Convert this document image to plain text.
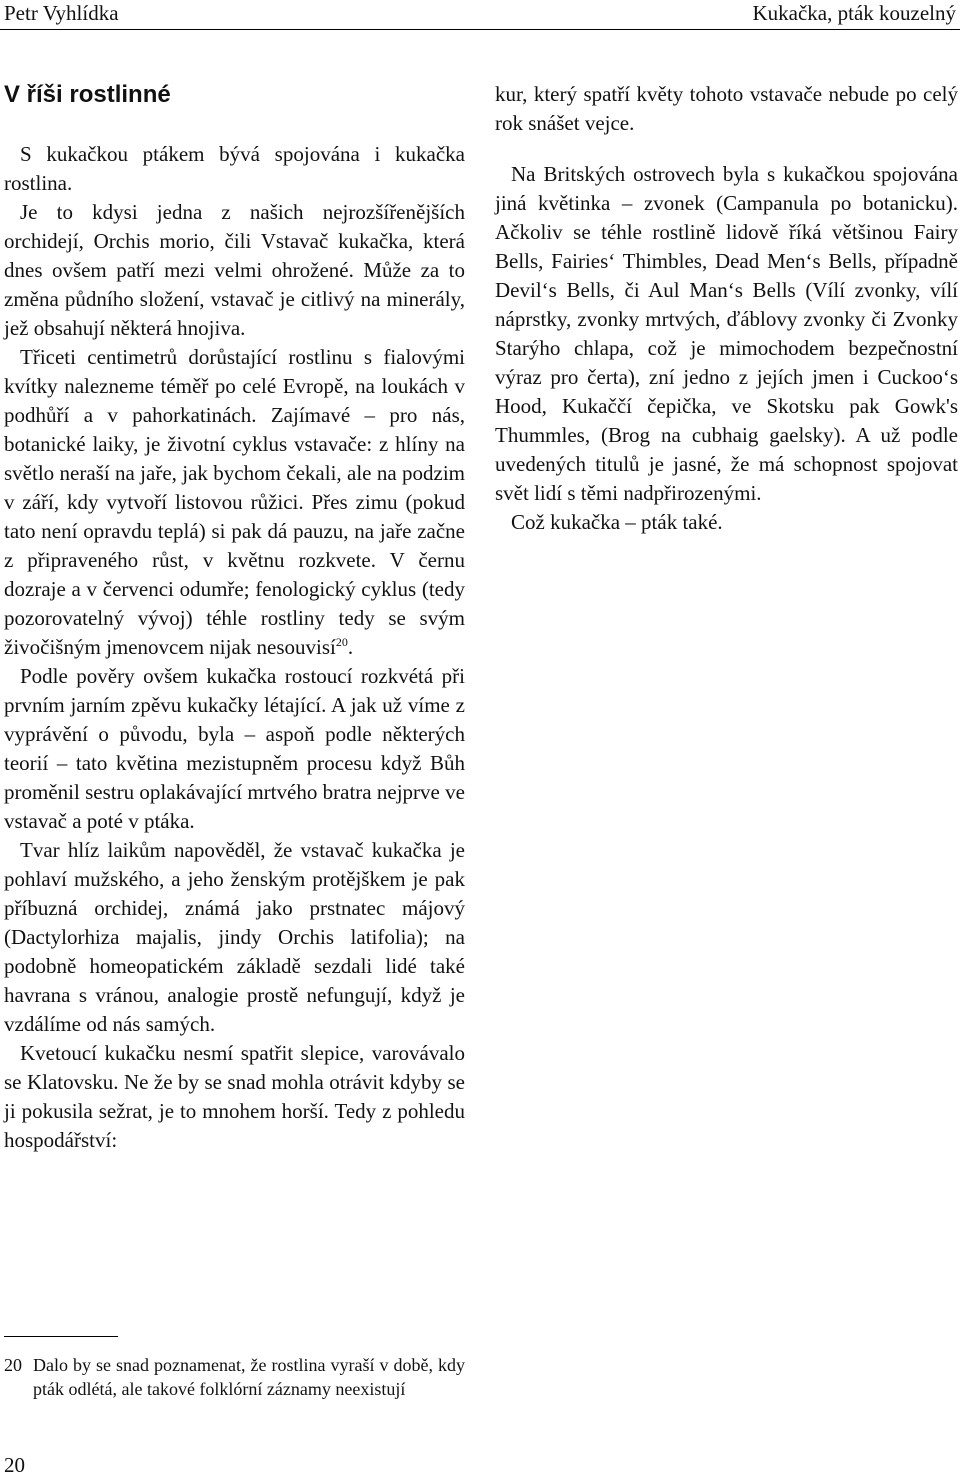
Petr Vyhlídka	Kukačka, pták kouzelný
V říši rostlinné

S kukačkou ptákem bývá spojována i kukačka rostlina.

Je to kdysi jedna z našich nejrozšířenějších orchidejí, Orchis morio, čili Vstavač kukačka, která dnes ovšem patří mezi velmi ohrožené. Může za to změna půdního složení, vstavač je citlivý na minerály, jež obsahují některá hnojiva.

Třiceti centimetrů dorůstající rostlinu s fialovými kvítky nalezneme téměř po celé Evropě, na loukách v podhůří a v pahorkatinách. Zajímavé – pro nás, botanické laiky, je životní cyklus vstavače: z hlíny na světlo neraší na jaře, jak bychom čekali, ale na podzim v září, kdy vytvoří listovou růžici. Přes zimu (pokud tato není opravdu teplá) si pak dá pauzu, na jaře začne z připraveného růst, v květnu rozkvete. V černu dozraje a v červenci odumře; fenologický cyklus (tedy pozorovatelný vývoj) téhle rostliny tedy se svým živočišným jmenovcem nijak nesouvisí$^{20}$.

Podle pověry ovšem kukačka rostoucí rozkvétá při prvním jarním zpěvu kukačky létající. A jak už víme z vyprávění o původu, byla – aspoň podle některých teorií – tato květina mezistupněm procesu když Bůh proměnil sestru oplakávající mrtvého bratra nejprve ve vstavač a poté v ptáka.

Tvar hlíz laikům napověděl, že vstavač kukačka je pohlaví mužského, a jeho ženským protějškem je pak příbuzná orchidej, známá jako prstnatec májový (Dactylorhiza majalis, jindy Orchis latifolia); na podobně homeopatickém základě sezdali lidé také havrana s vránou, analogie prostě nefungují, když je vzdálíme od nás samých.

Kvetoucí kukačku nesmí spatřit slepice, varovávalo se Klatovsku. Ne že by se snad mohla otrávit kdyby se ji pokusila sežrat, je to mnohem horší. Tedy z pohledu hospodářství:

kur, který spatří květy tohoto vstavače nebude po celý rok snášet vejce.

Na Britských ostrovech byla s kukačkou spojována jiná květinka – zvonek (Campanula po botanicku). Ačkoliv se téhle rostlině lidově říká většinou Fairy Bells, Fairies‘ Thimbles, Dead Men‘s Bells, případně Devil‘s Bells, či Aul Man‘s Bells (Vílí zvonky, vílí náprstky, zvonky mrtvých, ďáblovy zvonky či Zvonky Starýho chlapa, což je mimochodem bezpečnostní výraz pro čerta), zní jedno z jejích jmen i Cuckoo‘s Hood, Kukaččí čepička, ve Skotsku pak Gowk's Thummles, (Brog na cubhaig gaelsky). A už podle uvedených titulů je jasné, že má schopnost spojovat svět lidí s těmi nadpřirozenými.

Což kukačka – pták také.

20 Dalo by se snad poznamenat, že rostlina vyraší v době, kdy pták odlétá, ale takové folklórní záznamy neexistují
20
